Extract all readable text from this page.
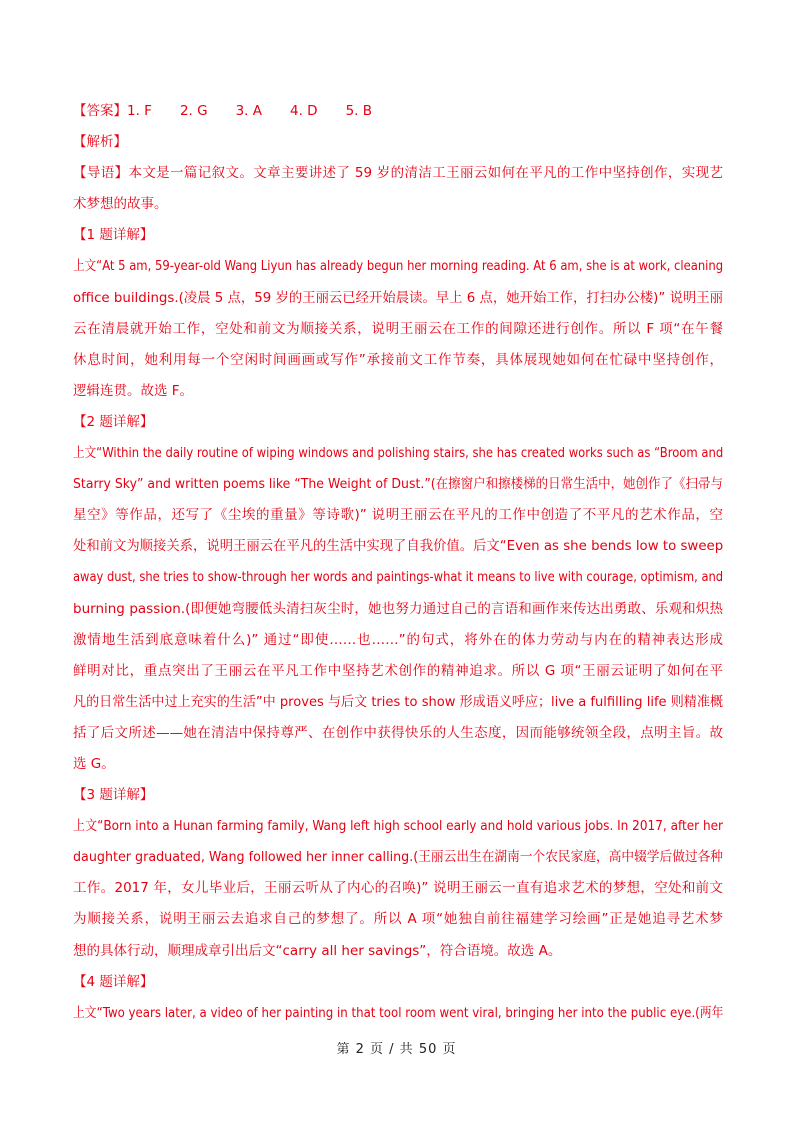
【答案】1. F 2. G 3. A 4. D 5. B
【解析】
【导语】本文是一篇记叙文。文章主要讲述了 59 岁的清洁工王丽云如何在平凡的工作中坚持创作，实现艺
术梦想的故事。
【1 题详解】
上文“At 5 am, 59-year-old Wang Liyun has already begun her morning reading. At 6 am, she is at work, cleaning
office buildings.(凌晨 5 点，59 岁的王丽云已经开始晨读。早上 6 点，她开始工作，打扫办公楼)” 说明王丽
云在清晨就开始工作，空处和前文为顺接关系，说明王丽云在工作的间隙还进行创作。所以 F 项“在午餐
休息时间，她利用每一个空闲时间画画或写作”承接前文工作节奏，具体展现她如何在忙碌中坚持创作，
逻辑连贯。故选 F。
【2 题详解】
上文“Within the daily routine of wiping windows and polishing stairs, she has created works such as “Broom and
Starry Sky” and written poems like “The Weight of Dust.”(在擦窗户和擦楼梯的日常生活中，她创作了《扫帚与
星空》等作品，还写了《尘埃的重量》等诗歌)” 说明王丽云在平凡的工作中创造了不平凡的艺术作品，空
处和前文为顺接关系，说明王丽云在平凡的生活中实现了自我价值。后文“Even as she bends low to sweep
away dust, she tries to show-through her words and paintings-what it means to live with courage, optimism, and
burning passion.(即便她弯腰低头清扫灰尘时，她也努力通过自己的言语和画作来传达出勇敢、乐观和炽热
激情地生活到底意味着什么)” 通过“即使……也……”的句式，将外在的体力劳动与内在的精神表达形成
鲜明对比，重点突出了王丽云在平凡工作中坚持艺术创作的精神追求。所以 G 项“王丽云证明了如何在平
凡的日常生活中过上充实的生活”中 proves 与后文 tries to show 形成语义呼应；live a fulfilling life 则精准概
括了后文所述——她在清洁中保持尊严、在创作中获得快乐的人生态度，因而能够统领全段，点明主旨。故
选 G。
【3 题详解】
上文“Born into a Hunan farming family, Wang left high school early and hold various jobs. In 2017, after her
daughter graduated, Wang followed her inner calling.(王丽云出生在湖南一个农民家庭，高中辍学后做过各种
工作。2017 年，女儿毕业后，王丽云听从了内心的召唤)” 说明王丽云一直有追求艺术的梦想，空处和前文
为顺接关系，说明王丽云去追求自己的梦想了。所以 A 项“她独自前往福建学习绘画”正是她追寻艺术梦
想的具体行动，顺理成章引出后文“carry all her savings”，符合语境。故选 A。
【4 题详解】
上文“Two years later, a video of her painting in that tool room went viral, bringing her into the public eye.(两年
第 2 页 / 共 50 页
